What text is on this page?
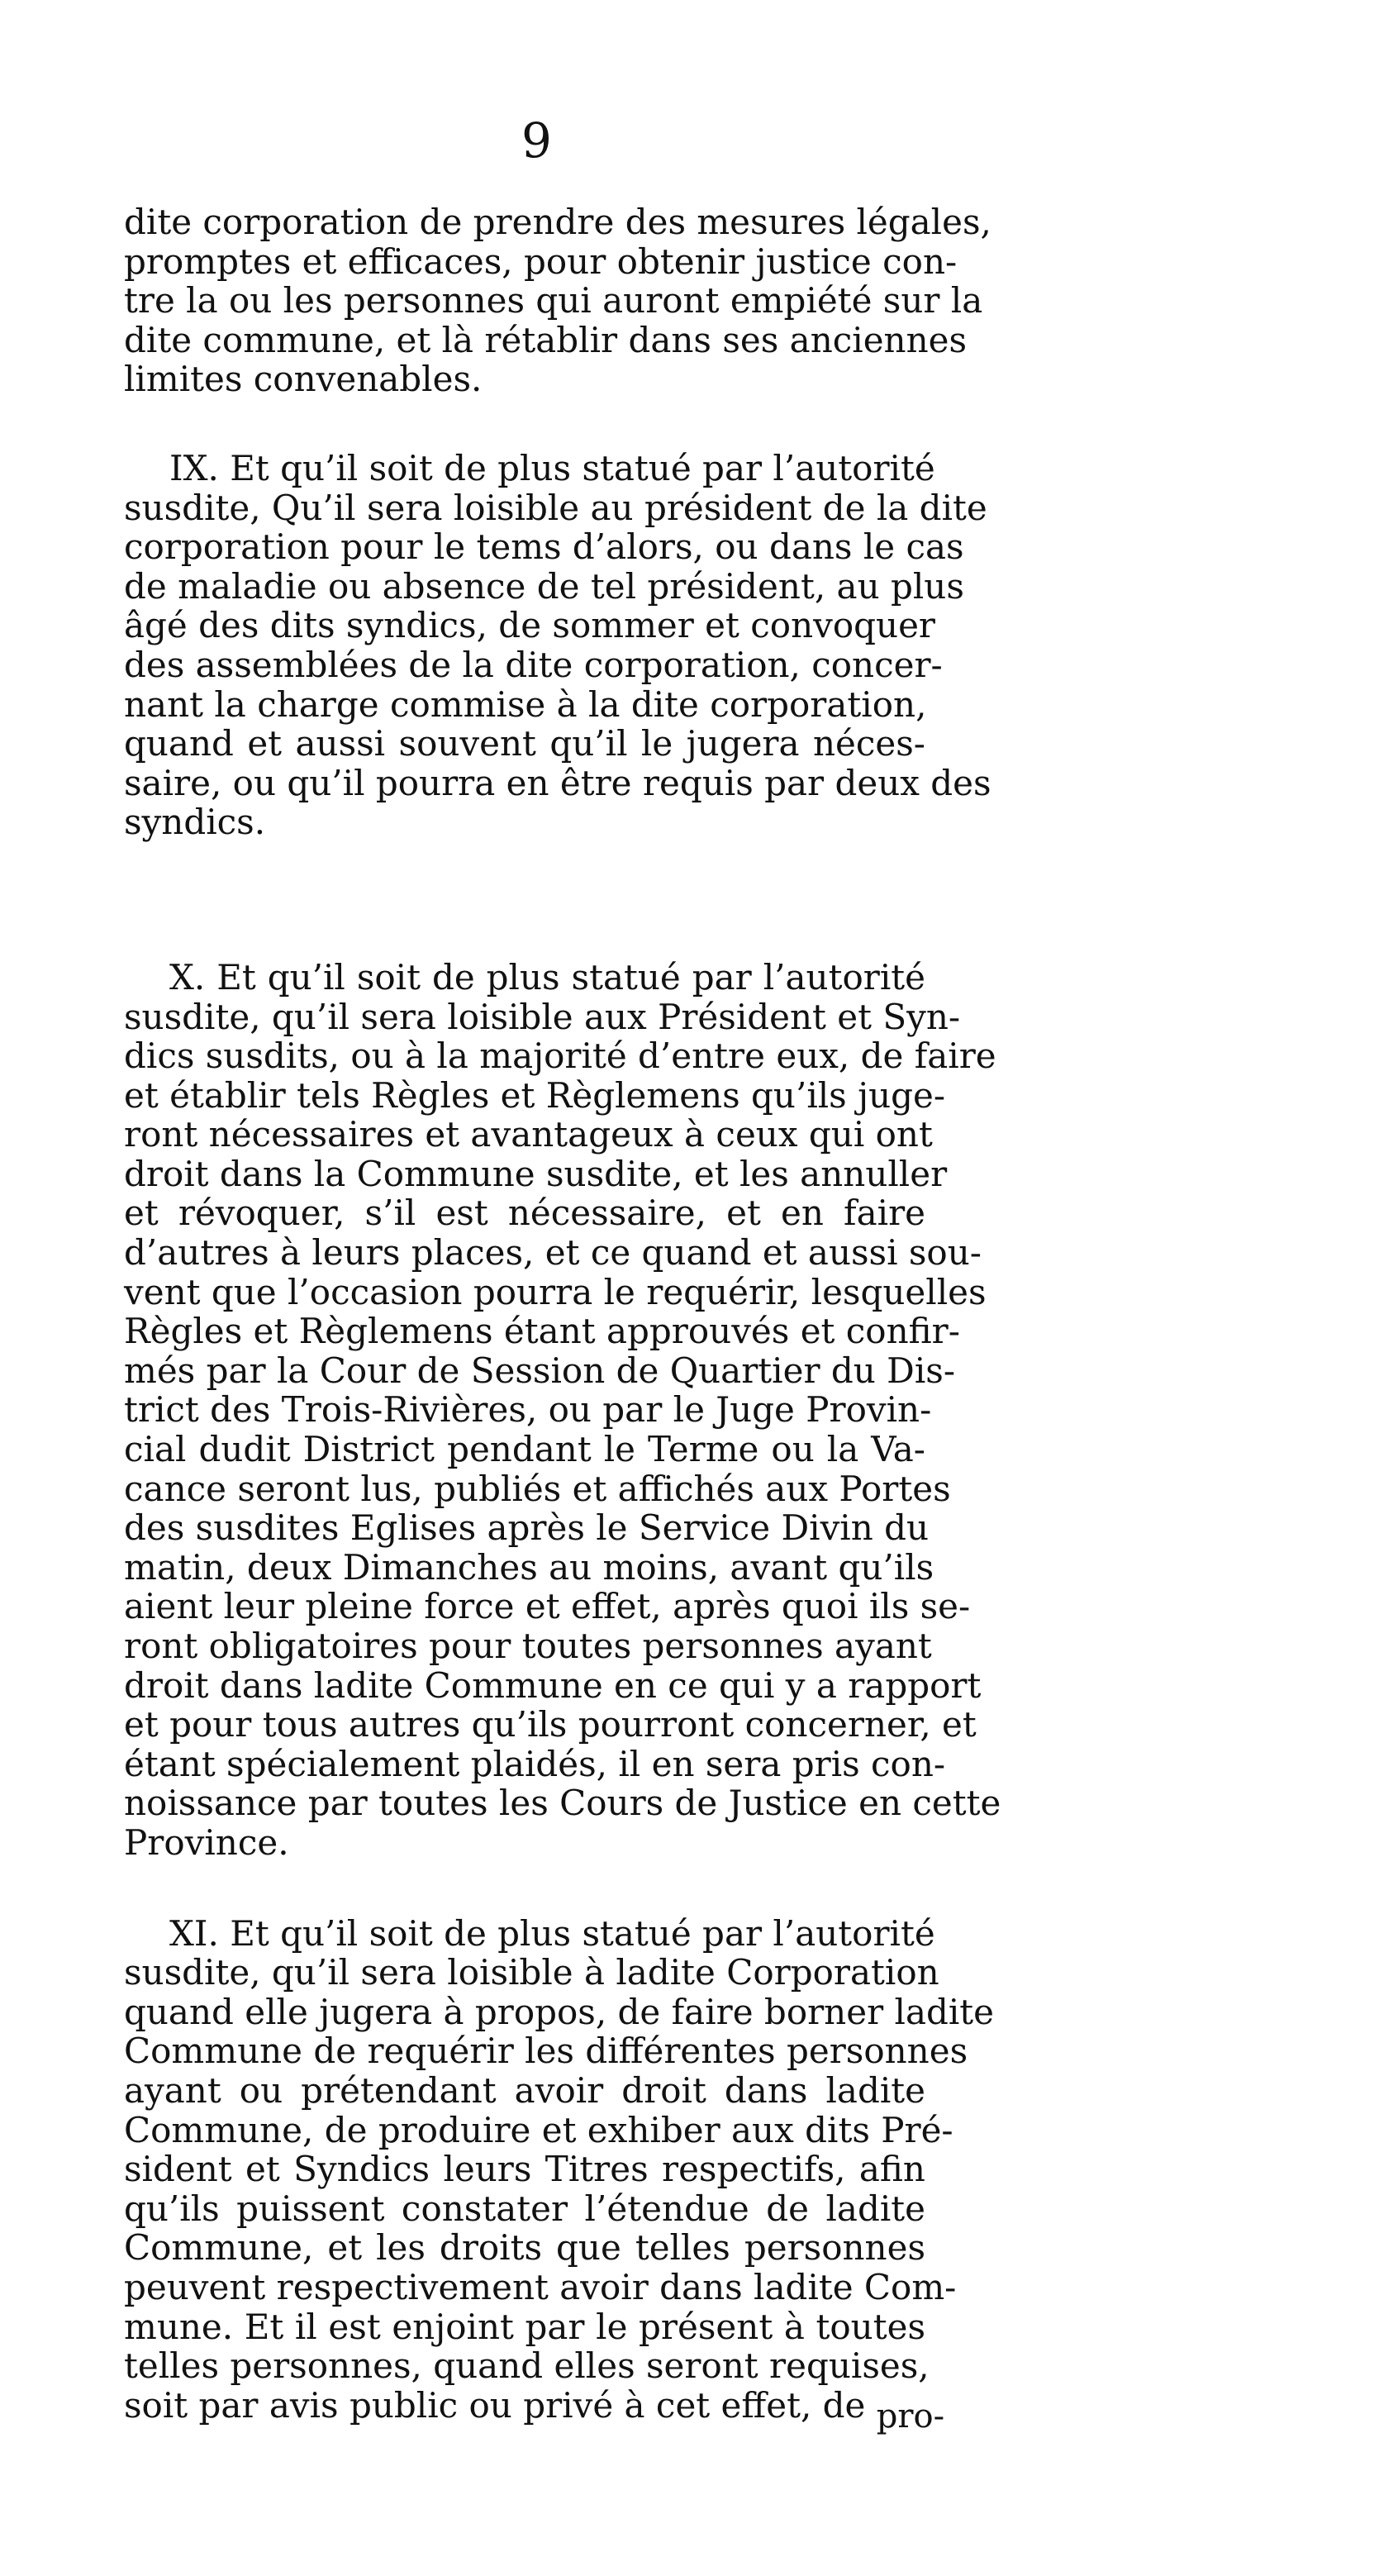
9
dite corporation de prendre des mesures légales,
promptes et efficaces, pour obtenir justice con-
tre la ou les personnes qui auront empiété sur la
dite commune, et là rétablir dans ses anciennes
limites convenables.
IX. Et qu’il soit de plus statué par l’autorité
susdite, Qu’il sera loisible au président de la dite
corporation pour le tems d’alors, ou dans le cas
de maladie ou absence de tel président, au plus
âgé des dits syndics, de sommer et convoquer
des assemblées de la dite corporation, concer-
nant la charge commise à la dite corporation,
quand et aussi souvent qu’il le jugera néces-
saire, ou qu’il pourra en être requis par deux des
syndics.
X. Et qu’il soit de plus statué par l’autorité
susdite, qu’il sera loisible aux Président et Syn-
dics susdits, ou à la majorité d’entre eux, de faire
et établir tels Règles et Règlemens qu’ils juge-
ront nécessaires et avantageux à ceux qui ont
droit dans la Commune susdite, et les annuller
et révoquer, s’il est nécessaire, et en faire
d’autres à leurs places, et ce quand et aussi sou-
vent que l’occasion pourra le requérir, lesquelles
Règles et Règlemens étant approuvés et confir-
més par la Cour de Session de Quartier du Dis-
trict des Trois-Rivières, ou par le Juge Provin-
cial dudit District pendant le Terme ou la Va-
cance seront lus, publiés et affichés aux Portes
des susdites Eglises après le Service Divin du
matin, deux Dimanches au moins, avant qu’ils
aient leur pleine force et effet, après quoi ils se-
ront obligatoires pour toutes personnes ayant
droit dans ladite Commune en ce qui y a rapport
et pour tous autres qu’ils pourront concerner, et
étant spécialement plaidés, il en sera pris con-
noissance par toutes les Cours de Justice en cette
Province.
XI. Et qu’il soit de plus statué par l’autorité
susdite, qu’il sera loisible à ladite Corporation
quand elle jugera à propos, de faire borner ladite
Commune de requérir les différentes personnes
ayant ou prétendant avoir droit dans ladite
Commune, de produire et exhiber aux dits Pré-
sident et Syndics leurs Titres respectifs, afin
qu’ils puissent constater l’étendue de ladite
Commune, et les droits que telles personnes
peuvent respectivement avoir dans ladite Com-
mune. Et il est enjoint par le présent à toutes
telles personnes, quand elles seront requises,
soit par avis public ou privé à cet effet, de pro-
